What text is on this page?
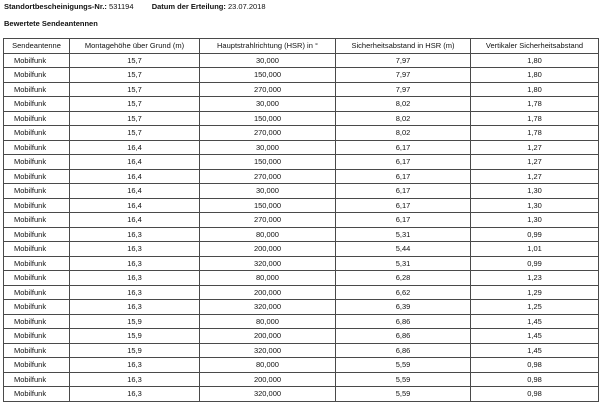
Standortbescheinigungs-Nr.: 531194 Datum der Erteilung: 23.07.2018
Bewertete Sendeantennen
Sendeantenne	Montagehöhe über Grund (m)	Hauptstrahlrichtung (HSR) in °	Sicherheitsabstand in HSR (m)	Vertikaler Sicherheitsabstand
Mobilfunk	15,7	30,000	7,97	1,80
Mobilfunk	15,7	150,000	7,97	1,80
Mobilfunk	15,7	270,000	7,97	1,80
Mobilfunk	15,7	30,000	8,02	1,78
Mobilfunk	15,7	150,000	8,02	1,78
Mobilfunk	15,7	270,000	8,02	1,78
Mobilfunk	16,4	30,000	6,17	1,27
Mobilfunk	16,4	150,000	6,17	1,27
Mobilfunk	16,4	270,000	6,17	1,27
Mobilfunk	16,4	30,000	6,17	1,30
Mobilfunk	16,4	150,000	6,17	1,30
Mobilfunk	16,4	270,000	6,17	1,30
Mobilfunk	16,3	80,000	5,31	0,99
Mobilfunk	16,3	200,000	5,44	1,01
Mobilfunk	16,3	320,000	5,31	0,99
Mobilfunk	16,3	80,000	6,28	1,23
Mobilfunk	16,3	200,000	6,62	1,29
Mobilfunk	16,3	320,000	6,39	1,25
Mobilfunk	15,9	80,000	6,86	1,45
Mobilfunk	15,9	200,000	6,86	1,45
Mobilfunk	15,9	320,000	6,86	1,45
Mobilfunk	16,3	80,000	5,59	0,98
Mobilfunk	16,3	200,000	5,59	0,98
Mobilfunk	16,3	320,000	5,59	0,98
